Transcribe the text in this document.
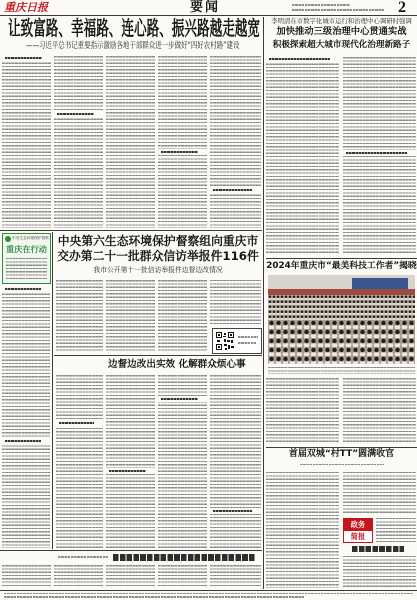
重庆日报	要闻	2
让致富路、幸福路、连心路、振兴路越走越宽
——习近平总书记重要指示激励各地干部群众进一步做好“四好农村路”建设
中央生态环境保护督察
重庆在行动
中央第六生态环境保护督察组向重庆市
交办第二十一批群众信访举报件116件
我市公开第十一批信访举报件边督边改情况
边督边改出实效 化解群众烦心事
李明清在市数字化城市运行和治理中心调研时强调
加快推动三级治理中心贯通实战
积极探索超大城市现代化治理新路子
2024年重庆市“最美科技工作者”揭晓
首届双城“村TT”圆满收官
政务
简报
